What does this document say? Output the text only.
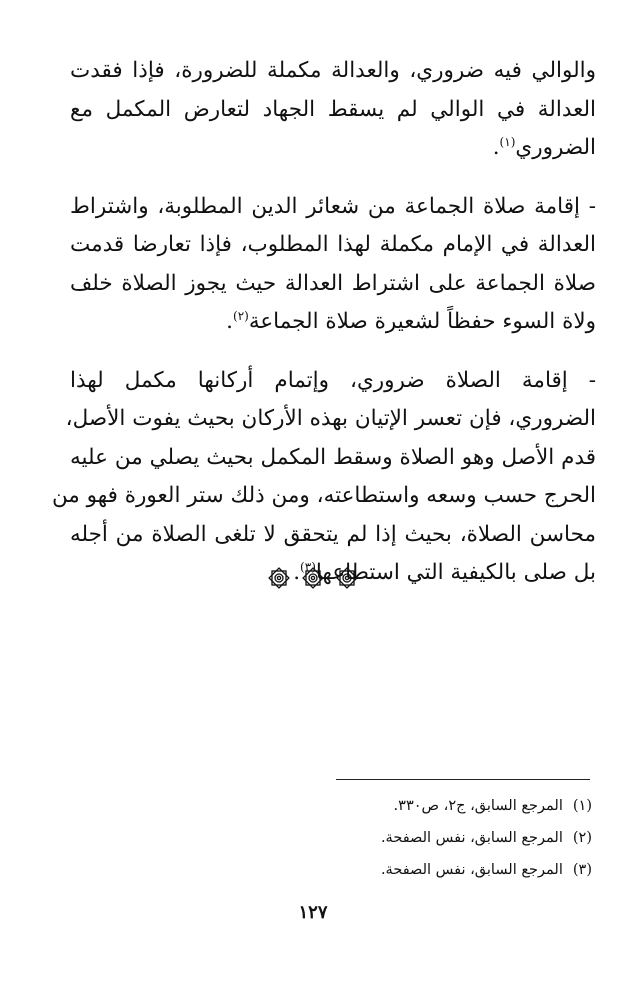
والوالي فيه ضروري، والعدالة مكملة للضرورة، فإذا فقدت
العدالة في الوالي لم يسقط الجهاد لتعارض المكمل مع
الضروري$^{(١)}$.

- إقامة صلاة الجماعة من شعائر الدين المطلوبة، واشتراط
العدالة في الإمام مكملة لهذا المطلوب، فإذا تعارضا قدمت
صلاة الجماعة على اشتراط العدالة حيث يجوز الصلاة خلف
ولاة السوء حفظاً لشعيرة صلاة الجماعة$^{(٢)}$.

- إقامة الصلاة ضروري، وإتمام أركانها مكمل لهذا
الضروري، فإن تعسر الإتيان بهذه الأركان بحيث يفوت الأصل،
قدم الأصل وهو الصلاة وسقط المكمل بحيث يصلي من عليه
الحرج حسب وسعه واستطاعته، ومن ذلك ستر العورة فهو من
محاسن الصلاة، بحيث إذا لم يتحقق لا تلغى الصلاة من أجله
بل صلى بالكيفية التي استطاعها$^{(٣)}$.

(١)المرجع السابق، ج٢، ص٣٣٠.
(٢)المرجع السابق، نفس الصفحة.
(٣)المرجع السابق، نفس الصفحة.
١٢٧
